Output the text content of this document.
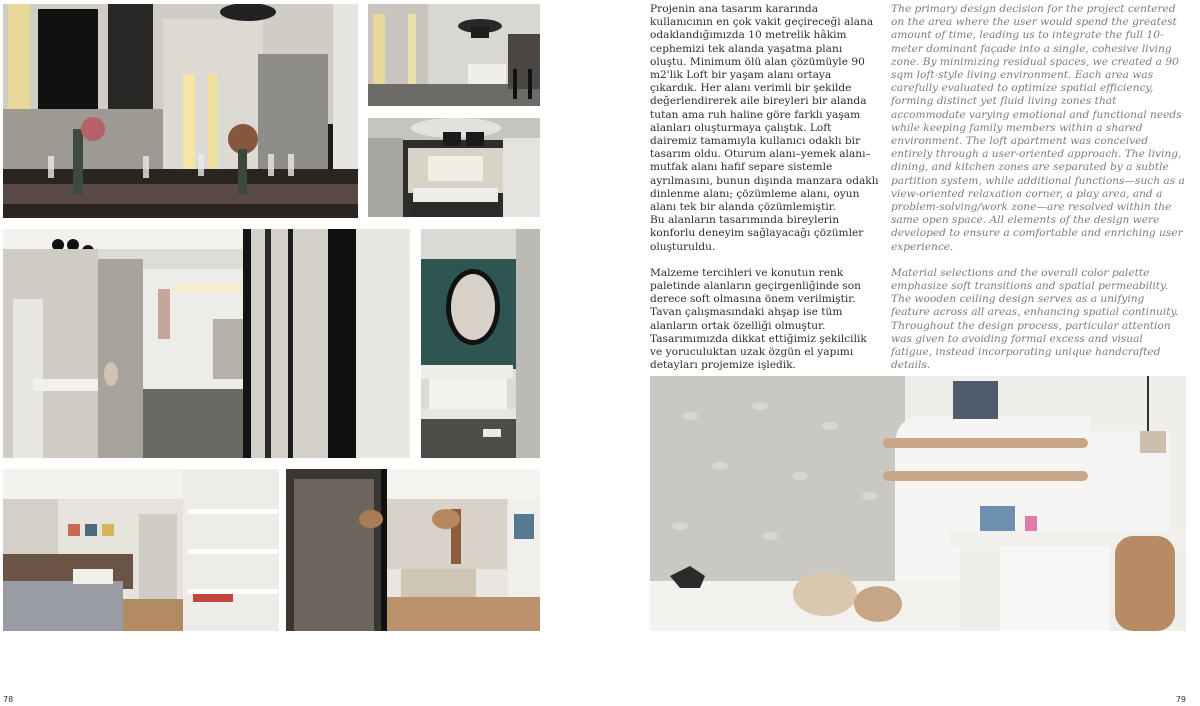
Projenin ana tasarım kararında kullanıcının en çok vakit geçireceği alana odaklandığımızda 10 metrelik hâkim cephemizi tek alanda yaşatma planı oluştu. Minimum ölü alan çözümüyle 90 m2'lik Loft bir yaşam alanı ortaya çıkardık. Her alanı verimli bir şekilde değerlendirerek aile bireyleri bir alanda tutan ama ruh haline göre farklı yaşam alanları oluşturmaya çalıştık. Loft dairemiz tamamıyla kullanıcı odaklı bir tasarım oldu. Oturum alanı–yemek alanı–mutfak alanı hafif separe sistemle ayrılmasını, bunun dışında manzara odaklı dinlenme alanı; çözümleme alanı, oyun alanı tek bir alanda çözümlemiştir.

Bu alanların tasarımında bireylerin konforlu deneyim sağlayacağı çözümler oluşturuldu.

Malzeme tercihleri ve konutun renk paletinde alanların geçirgenliğinde son derece soft olmasına önem verilmiştir. Tavan çalışmasındaki ahşap ise tüm alanların ortak özelliği olmuştur. Tasarımımızda dikkat ettiğimiz şekilcilik ve yoruculuktan uzak özgün el yapımı detayları projemize işledik.

The primary design decision for the project centered on the area where the user would spend the greatest amount of time, leading us to integrate the full 10-meter dominant façade into a single, cohesive living zone. By minimizing residual spaces, we created a 90 sqm loft-style living environment. Each area was carefully evaluated to optimize spatial efficiency, forming distinct yet fluid living zones that accommodate varying emotional and functional needs while keeping family members within a shared environment. The loft apartment was conceived entirely through a user-oriented approach. The living, dining, and kitchen zones are separated by a subtle partition system, while additional functions—such as a view-oriented relaxation corner, a play area, and a problem-solving/work zone—are resolved within the same open space. All elements of the design were developed to ensure a comfortable and enriching user experience.

Material selections and the overall color palette emphasize soft transitions and spatial permeability. The wooden ceiling design serves as a unifying feature across all areas, enhancing spatial continuity. Throughout the design process, particular attention was given to avoiding formal excess and visual fatigue, instead incorporating unique handcrafted details.

78	79
